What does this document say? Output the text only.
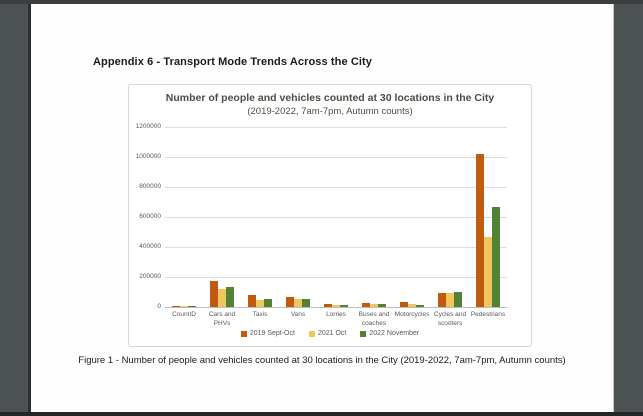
Appendix 6 - Transport Mode Trends Across the City
Number of people and vehicles counted at 30 locations in the City
(2019-2022, 7am-7pm, Autumn counts)
0
200000
400000
600000
800000
1000000
1200000
CountID	Cars and PHVs
Taxis	Vans	Lorries	Buses and coaches
Motorcycles Cycles and scooters
Pedestrians
2019 Sept-Oct	2021 Oct	2022 November
Figure 1 - Number of people and vehicles counted at 30 locations in the City (2019-2022, 7am-7pm, Autumn counts)
